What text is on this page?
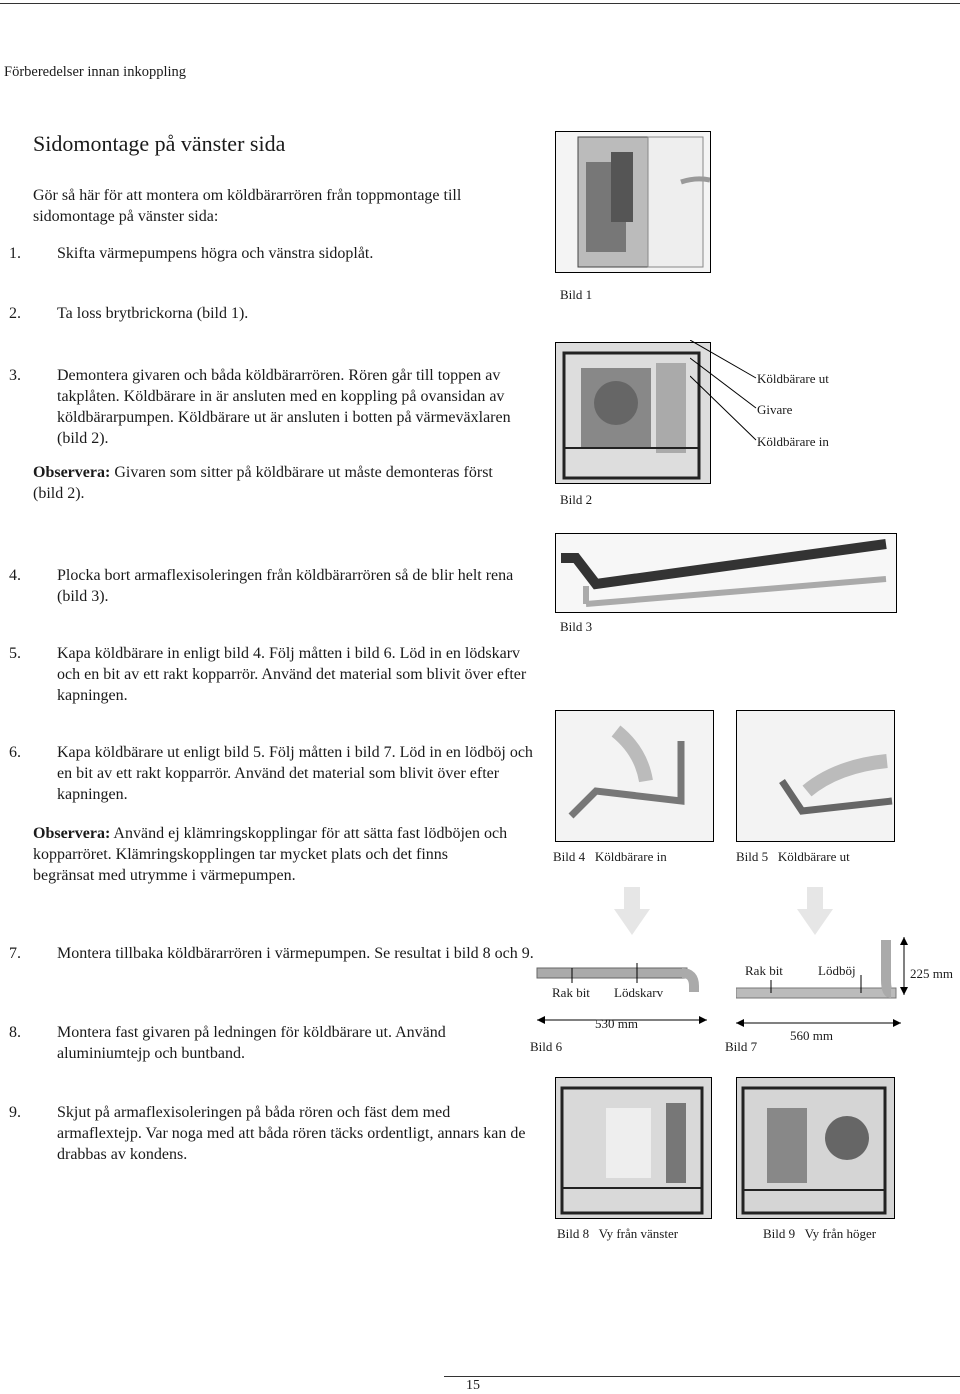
Förberedelser innan inkoppling
Sidomontage på vänster sida
Gör så här för att montera om köldbärarrören från toppmontage till sidomontage på vänster sida:
1. Skifta värmepumpens högra och vänstra sidoplåt.
2. Ta loss brytbrickorna (bild 1).
3. Demontera givaren och båda köldbärarrören. Rören går till toppen av takplåten. Köldbärare in är ansluten med en koppling på ovansidan av köldbärarpumpen. Köldbärare ut är ansluten i botten på värmeväxlaren (bild 2).
Observera: Givaren som sitter på köldbärare ut måste demonteras först (bild 2).
4. Plocka bort armaflexisoleringen från köldbärarrören så de blir helt rena (bild 3).
5. Kapa köldbärare in enligt bild 4. Följ måtten i bild 6. Löd in en lödskarv och en bit av ett rakt kopparrör. Använd det material som blivit över efter kapningen.
6. Kapa köldbärare ut enligt bild 5. Följ måtten i bild 7. Löd in en lödböj och en bit av ett rakt kopparrör. Använd det material som blivit över efter kapningen.
Observera: Använd ej klämringskopplingar för att sätta fast lödböjen och kopparröret. Klämringskopplingen tar mycket plats och det finns begränsat med utrymme i värmepumpen.
7. Montera tillbaka köldbärarrören i värmepumpen. Se resultat i bild 8 och 9.
8. Montera fast givaren på ledningen för köldbärare ut. Använd aluminiumtejp och buntband.
9. Skjut på armaflexisoleringen på båda rören och fäst dem med armaflextejp. Var noga med att båda rören täcks ordentligt, annars kan de drabbas av kondens.
Bild 1
Köldbärare ut
Givare
Köldbärare in
Bild 2
Bild 3
Bild 4   Köldbärare in	Bild 5   Köldbärare ut
Rak bit Lödskarv
530 mm
Bild 6
Rak bit	Lödböj	225 mm
560 mm
Bild 7
Bild 8   Vy från vänster	Bild 9   Vy från höger
15
